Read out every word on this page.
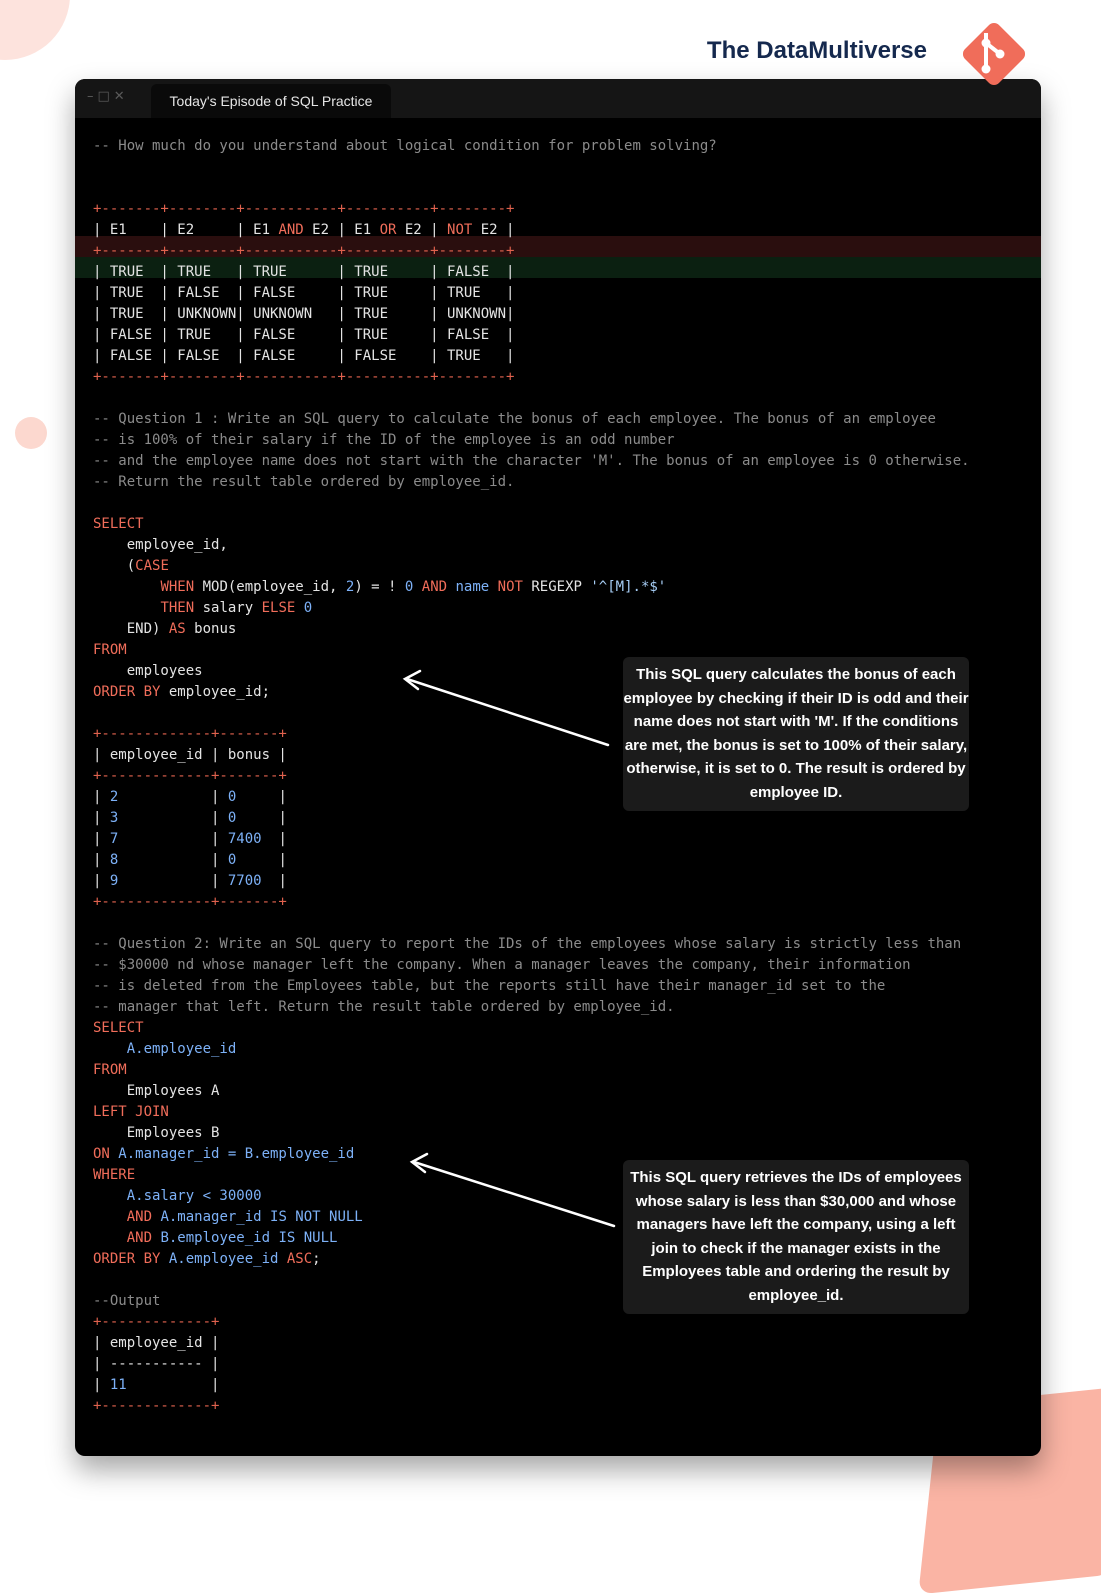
The DataMultiverse
–□✕	Today's Episode of SQL Practice
-- How much do you understand about logical condition for problem solving?

+-------+--------+-----------+----------+--------+
| E1    | E2     | E1 AND E2 | E1 OR E2 | NOT E2 |
+-------+--------+-----------+----------+--------+
| TRUE  | TRUE   | TRUE      | TRUE     | FALSE  |
| TRUE  | FALSE  | FALSE     | TRUE     | TRUE   |
| TRUE  | UNKNOWN| UNKNOWN   | TRUE     | UNKNOWN|
| FALSE | TRUE   | FALSE     | TRUE     | FALSE  |
| FALSE | FALSE  | FALSE     | FALSE    | TRUE   |
+-------+--------+-----------+----------+--------+

-- Question 1 : Write an SQL query to calculate the bonus of each employee. The bonus of an employee
-- is 100% of their salary if the ID of the employee is an odd number
-- and the employee name does not start with the character 'M'. The bonus of an employee is 0 otherwise.
-- Return the result table ordered by employee_id.

SELECT
employee_id,
(CASE
WHEN MOD(employee_id, 2) = ! 0 AND name NOT REGEXP '^[M].*$'
THEN salary ELSE 0
END) AS bonus
FROM
employees
ORDER BY employee_id;

+-------------+-------+
| employee_id | bonus |
+-------------+-------+
| 2           | 0     |
| 3           | 0     |
| 7           | 7400  |
| 8           | 0     |
| 9           | 7700  |
+-------------+-------+

-- Question 2: Write an SQL query to report the IDs of the employees whose salary is strictly less than
-- $30000 nd whose manager left the company. When a manager leaves the company, their information
-- is deleted from the Employees table, but the reports still have their manager_id set to the
-- manager that left. Return the result table ordered by employee_id.
SELECT
A.employee_id
FROM
Employees A
LEFT JOIN
Employees B
ON A.manager_id = B.employee_id
WHERE
A.salary < 30000
AND A.manager_id IS NOT NULL
AND B.employee_id IS NULL
ORDER BY A.employee_id ASC;

--Output
+-------------+
| employee_id |
| ----------- |
| 11          |
+-------------+
This SQL query calculates the bonus of each employee by checking if their ID is odd and their name does not start with 'M'. If the conditions are met, the bonus is set to 100% of their salary, otherwise, it is set to 0. The result is ordered by employee ID.
This SQL query retrieves the IDs of employees whose salary is less than $30,000 and whose managers have left the company, using a left join to check if the manager exists in the Employees table and ordering the result by employee_id.
